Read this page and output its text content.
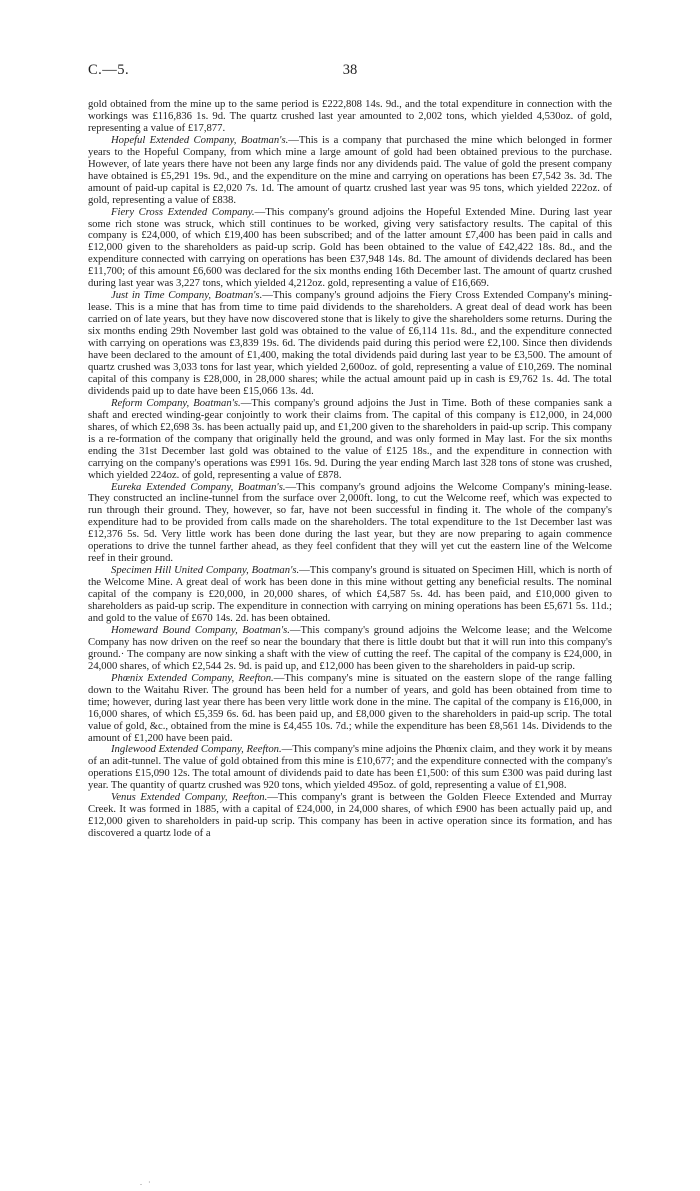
C.—5.	38

gold obtained from the mine up to the same period is £222,808 14s. 9d., and the total expenditure in connection with the workings was £116,836 1s. 9d. The quartz crushed last year amounted to 2,002 tons, which yielded 4,530oz. of gold, representing a value of £17,877.

Hopeful Extended Company, Boatman's.—This is a company that purchased the mine which belonged in former years to the Hopeful Company, from which mine a large amount of gold had been obtained previous to the purchase. However, of late years there have not been any large finds nor any dividends paid. The value of gold the present company have obtained is £5,291 19s. 9d., and the expenditure on the mine and carrying on operations has been £7,542 3s. 3d. The amount of paid-up capital is £2,020 7s. 1d. The amount of quartz crushed last year was 95 tons, which yielded 222oz. of gold, representing a value of £838.

Fiery Cross Extended Company.—This company's ground adjoins the Hopeful Extended Mine. During last year some rich stone was struck, which still continues to be worked, giving very satisfactory results. The capital of this company is £24,000, of which £19,400 has been subscribed; and of the latter amount £7,400 has been paid in calls and £12,000 given to the shareholders as paid-up scrip. Gold has been obtained to the value of £42,422 18s. 8d., and the expenditure connected with carrying on operations has been £37,948 14s. 8d. The amount of dividends declared has been £11,700; of this amount £6,600 was declared for the six months ending 16th December last. The amount of quartz crushed during last year was 3,227 tons, which yielded 4,212oz. gold, representing a value of £16,669.

Just in Time Company, Boatman's.—This company's ground adjoins the Fiery Cross Extended Company's mining-lease. This is a mine that has from time to time paid dividends to the shareholders. A great deal of dead work has been carried on of late years, but they have now discovered stone that is likely to give the shareholders some returns. During the six months ending 29th November last gold was obtained to the value of £6,114 11s. 8d., and the expenditure connected with carrying on operations was £3,839 19s. 6d. The dividends paid during this period were £2,100. Since then dividends have been declared to the amount of £1,400, making the total dividends paid during last year to be £3,500. The amount of quartz crushed was 3,033 tons for last year, which yielded 2,600oz. of gold, representing a value of £10,269. The nominal capital of this company is £28,000, in 28,000 shares; while the actual amount paid up in cash is £9,762 1s. 4d. The total dividends paid up to date have been £15,066 13s. 4d.

Reform Company, Boatman's.—This company's ground adjoins the Just in Time. Both of these companies sank a shaft and erected winding-gear conjointly to work their claims from. The capital of this company is £12,000, in 24,000 shares, of which £2,698 3s. has been actually paid up, and £1,200 given to the shareholders in paid-up scrip. This company is a re-formation of the company that originally held the ground, and was only formed in May last. For the six months ending the 31st December last gold was obtained to the value of £125 18s., and the expenditure in connection with carrying on the company's operations was £991 16s. 9d. During the year ending March last 328 tons of stone was crushed, which yielded 224oz. of gold, representing a value of £878.

Eureka Extended Company, Boatman's.—This company's ground adjoins the Welcome Company's mining-lease. They constructed an incline-tunnel from the surface over 2,000ft. long, to cut the Welcome reef, which was expected to run through their ground. They, however, so far, have not been successful in finding it. The whole of the company's expenditure had to be provided from calls made on the shareholders. The total expenditure to the 1st December last was £12,376 5s. 5d. Very little work has been done during the last year, but they are now preparing to again commence operations to drive the tunnel farther ahead, as they feel confident that they will yet cut the eastern line of the Welcome reef in their ground.

Specimen Hill United Company, Boatman's.—This company's ground is situated on Specimen Hill, which is north of the Welcome Mine. A great deal of work has been done in this mine without getting any beneficial results. The nominal capital of the company is £20,000, in 20,000 shares, of which £4,587 5s. 4d. has been paid, and £10,000 given to shareholders as paid-up scrip. The expenditure in connection with carrying on mining operations has been £5,671 5s. 11d.; and gold to the value of £670 14s. 2d. has been obtained.

Homeward Bound Company, Boatman's.—This company's ground adjoins the Welcome lease; and the Welcome Company has now driven on the reef so near the boundary that there is little doubt but that it will run into this company's ground.· The company are now sinking a shaft with the view of cutting the reef. The capital of the company is £24,000, in 24,000 shares, of which £2,544 2s. 9d. is paid up, and £12,000 has been given to the shareholders in paid-up scrip.

Phœnix Extended Company, Reefton.—This company's mine is situated on the eastern slope of the range falling down to the Waitahu River. The ground has been held for a number of years, and gold has been obtained from time to time; however, during last year there has been very little work done in the mine. The capital of the company is £16,000, in 16,000 shares, of which £5,359 6s. 6d. has been paid up, and £8,000 given to the shareholders in paid-up scrip. The total value of gold, &c., obtained from the mine is £4,455 10s. 7d.; while the expenditure has been £8,561 14s. Dividends to the amount of £1,200 have been paid.

Inglewood Extended Company, Reefton.—This company's mine adjoins the Phœnix claim, and they work it by means of an adit-tunnel. The value of gold obtained from this mine is £10,677; and the expenditure connected with the company's operations £15,090 12s. The total amount of dividends paid to date has been £1,500: of this sum £300 was paid during last year. The quantity of quartz crushed was 920 tons, which yielded 495oz. of gold, representing a value of £1,908.

Venus Extended Company, Reefton.—This company's grant is between the Golden Fleece Extended and Murray Creek. It was formed in 1885, with a capital of £24,000, in 24,000 shares, of which £900 has been actually paid up, and £12,000 given to shareholders in paid-up scrip. This company has been in active operation since its formation, and has discovered a quartz lode of a

. ·
